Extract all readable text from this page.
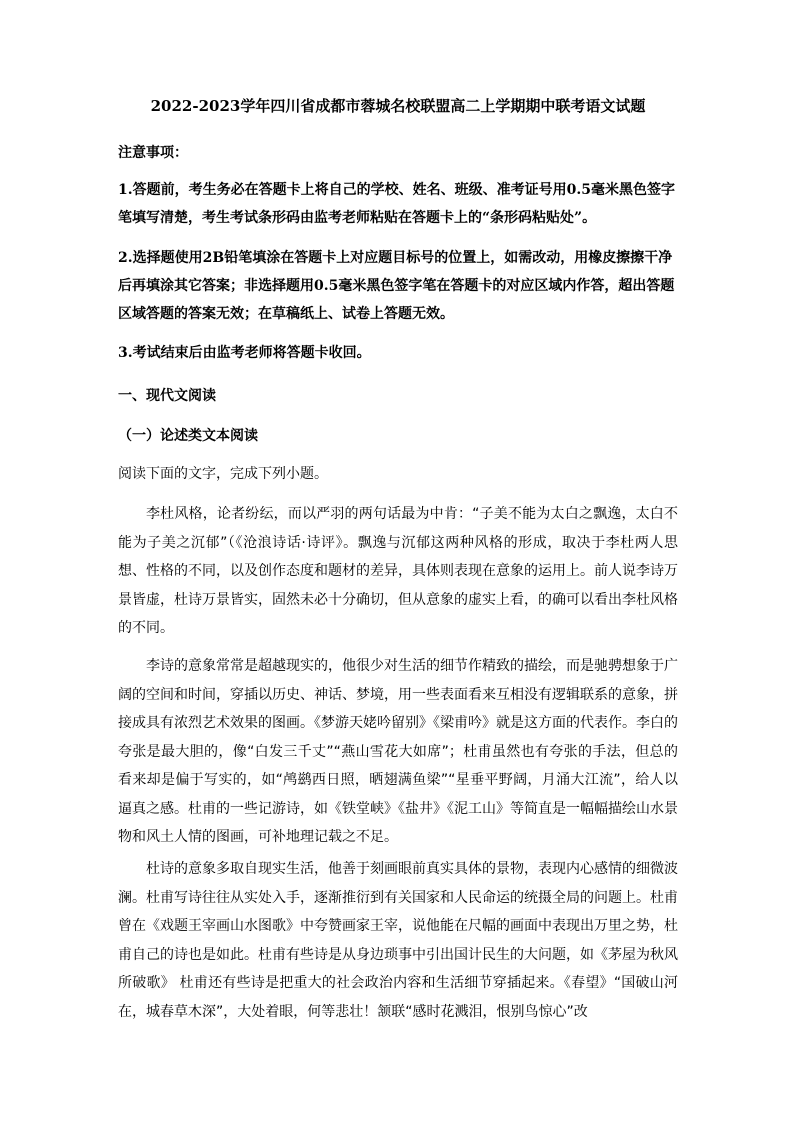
2022-2023学年四川省成都市蓉城名校联盟高二上学期期中联考语文试题
注意事项：
1.答题前，考生务必在答题卡上将自己的学校、姓名、班级、准考证号用0.5毫米黑色签字笔填写清楚，考生考试条形码由监考老师粘贴在答题卡上的“条形码粘贴处”。
2.选择题使用2B铅笔填涂在答题卡上对应题目标号的位置上，如需改动，用橡皮擦擦干净后再填涂其它答案；非选择题用0.5毫米黑色签字笔在答题卡的对应区域内作答，超出答题区域答题的答案无效；在草稿纸上、试卷上答题无效。
3.考试结束后由监考老师将答题卡收回。
一、现代文阅读
（一）论述类文本阅读
阅读下面的文字，完成下列小题。
李杜风格，论者纷纭，而以严羽的两句话最为中肯：“子美不能为太白之飘逸，太白不能为子美之沉郁”（《沧浪诗话·诗评》。飘逸与沉郁这两种风格的形成，取决于李杜两人思想、性格的不同，以及创作态度和题材的差异，具体则表现在意象的运用上。前人说李诗万景皆虚，杜诗万景皆实，固然未必十分确切，但从意象的虚实上看，的确可以看出李杜风格的不同。
李诗的意象常常是超越现实的，他很少对生活的细节作精致的描绘，而是驰骋想象于广阔的空间和时间，穿插以历史、神话、梦境，用一些表面看来互相没有逻辑联系的意象，拼接成具有浓烈艺术效果的图画。《梦游天姥吟留别》《梁甫吟》就是这方面的代表作。李白的夸张是最大胆的，像“白发三千丈”“燕山雪花大如席”；杜甫虽然也有夸张的手法，但总的看来却是偏于写实的，如“鸬鹚西日照，晒翅满鱼梁”“星垂平野阔，月涌大江流”，给人以逼真之感。杜甫的一些记游诗，如《铁堂峡》《盐井》《泥工山》等简直是一幅幅描绘山水景物和风土人情的图画，可补地理记载之不足。
杜诗的意象多取自现实生活，他善于刻画眼前真实具体的景物，表现内心感情的细微波澜。杜甫写诗往往从实处入手，逐渐推衍到有关国家和人民命运的统摄全局的问题上。杜甫曾在《戏题王宰画山水图歌》中夸赞画家王宰，说他能在尺幅的画面中表现出万里之势，杜甫自己的诗也是如此。杜甫有些诗是从身边琐事中引出国计民生的大问题，如《茅屋为秋风所破歌》 杜甫还有些诗是把重大的社会政治内容和生活细节穿插起来。《春望》“国破山河在，城春草木深”，大处着眼，何等悲壮！颔联“感时花溅泪，恨别鸟惊心”改
